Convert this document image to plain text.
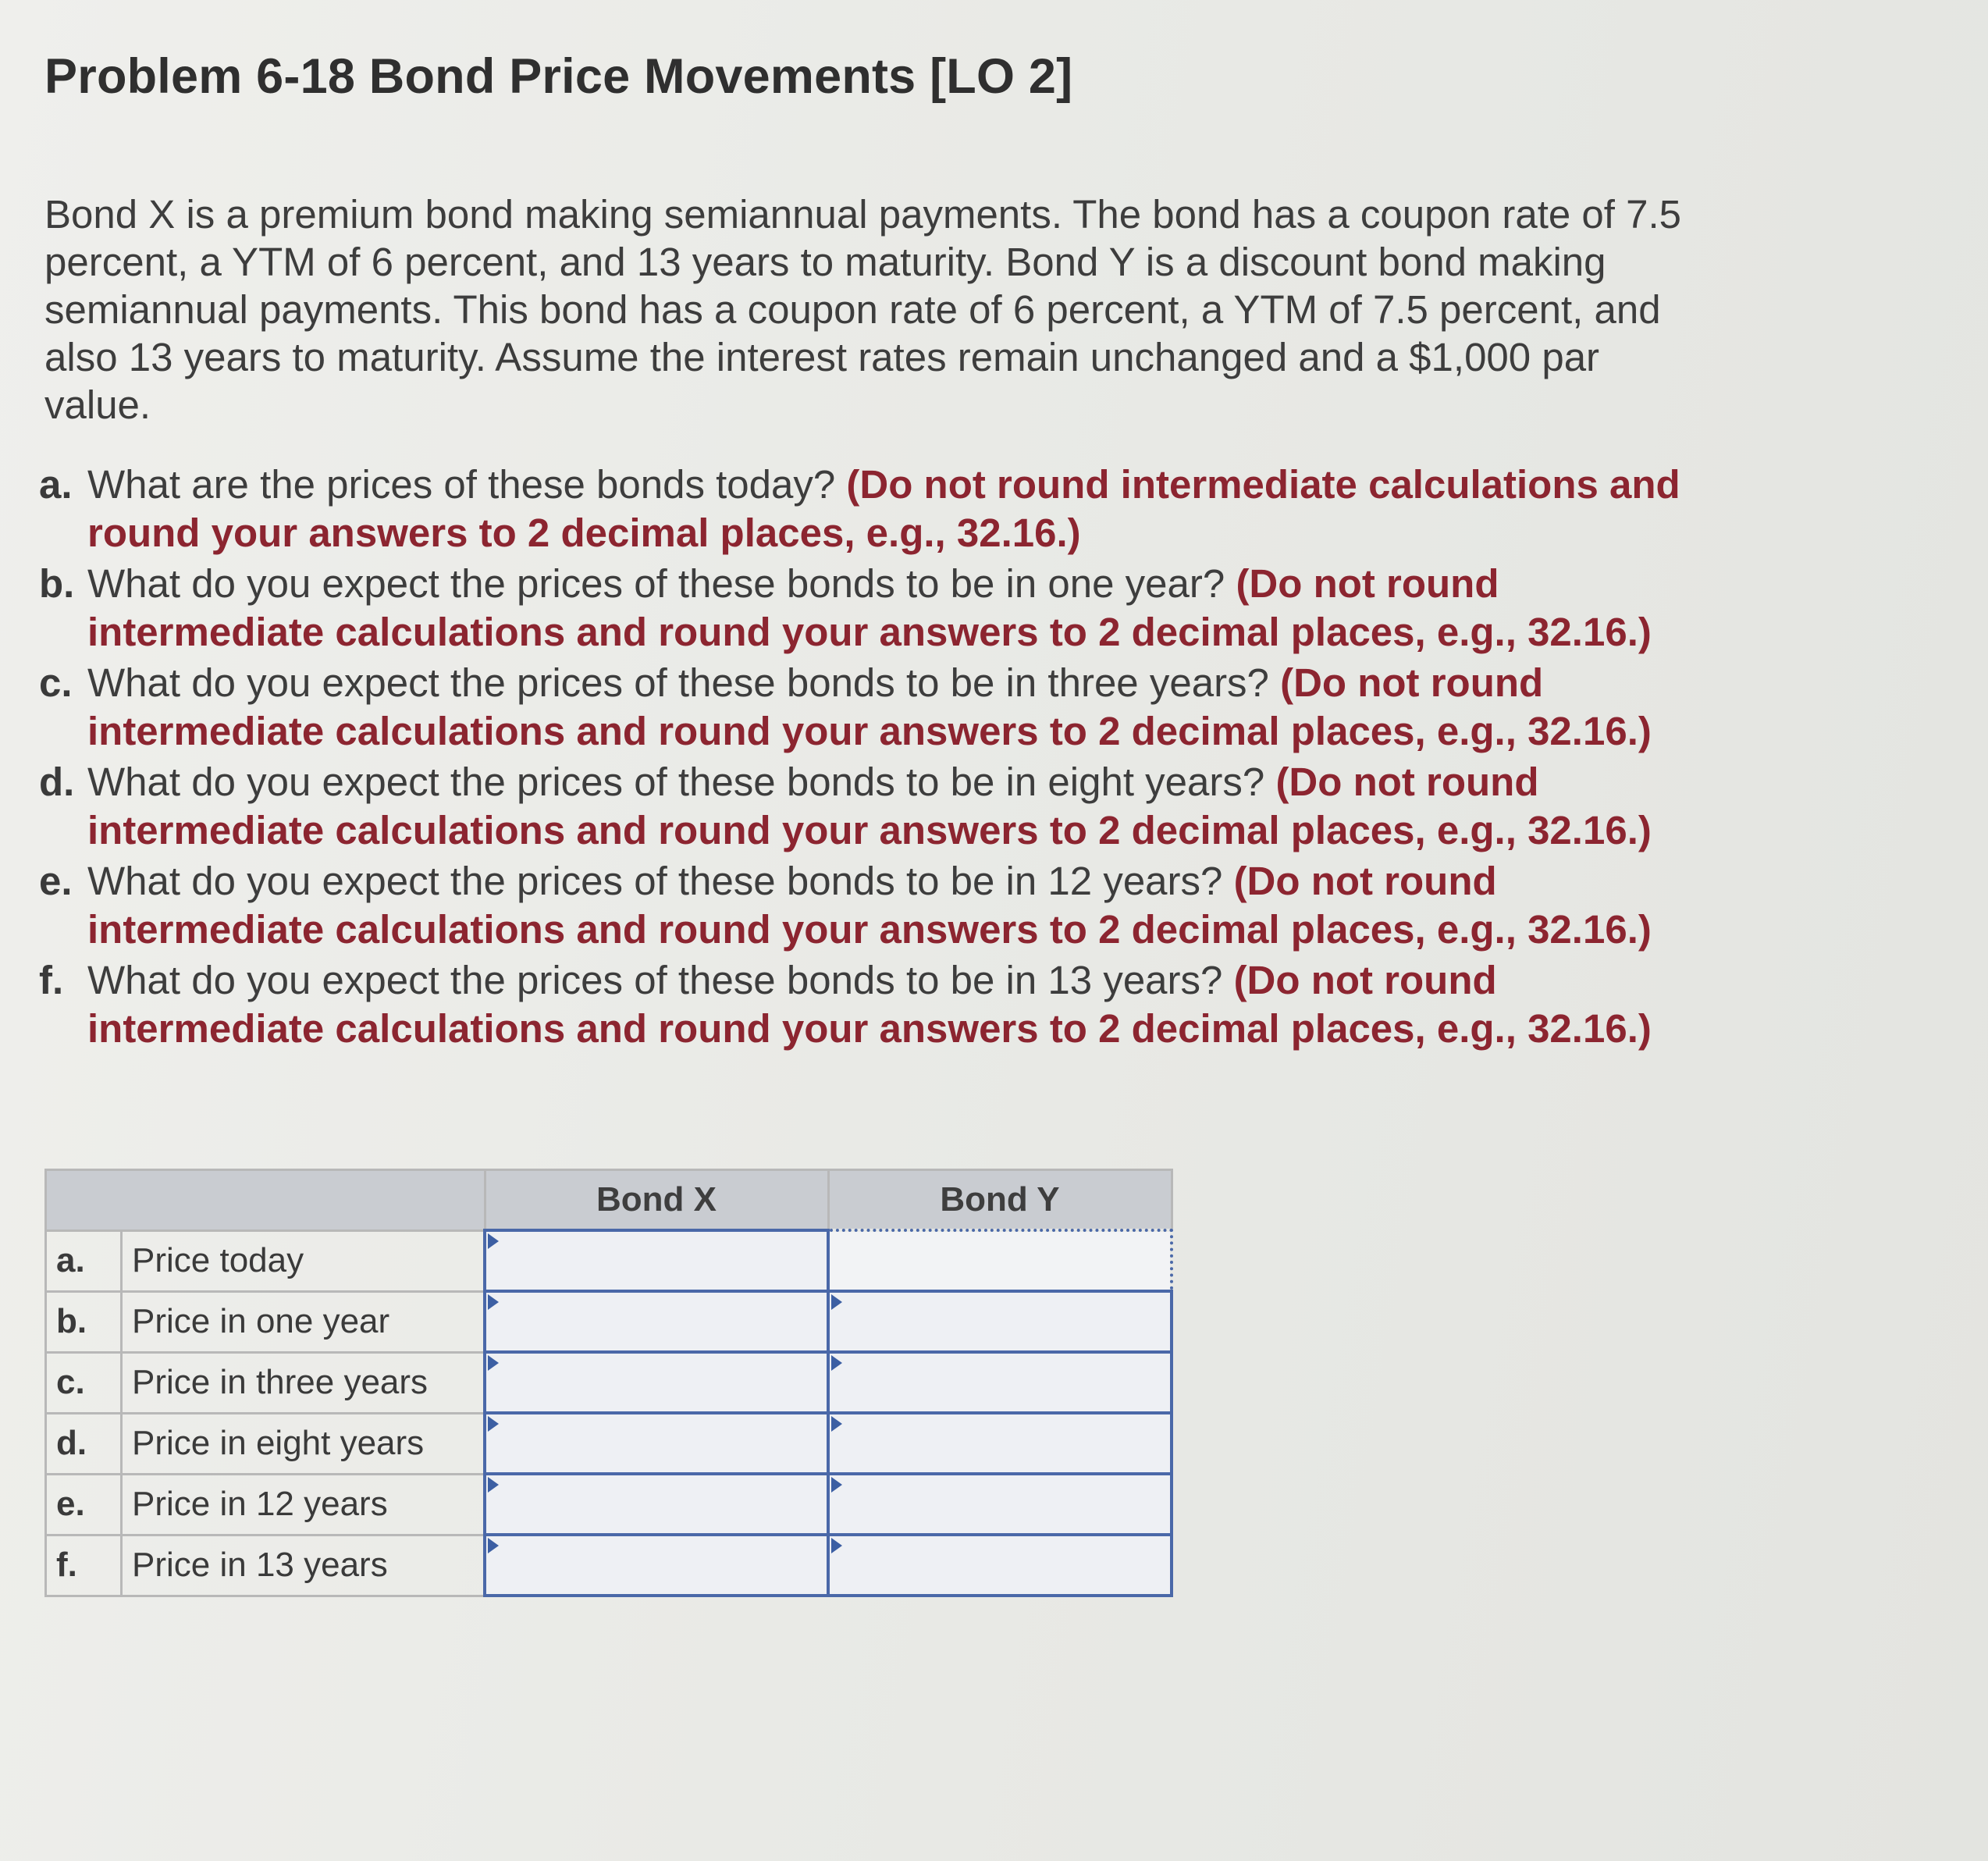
Problem 6-18 Bond Price Movements [LO 2]
Bond X is a premium bond making semiannual payments. The bond has a coupon rate of 7.5 percent, a YTM of 6 percent, and 13 years to maturity. Bond Y is a discount bond making semiannual payments. This bond has a coupon rate of 6 percent, a YTM of 7.5 percent, and also 13 years to maturity. Assume the interest rates remain unchanged and a $1,000 par value.
a. What are the prices of these bonds today? (Do not round intermediate calculations and round your answers to 2 decimal places, e.g., 32.16.)
b. What do you expect the prices of these bonds to be in one year? (Do not round intermediate calculations and round your answers to 2 decimal places, e.g., 32.16.)
c. What do you expect the prices of these bonds to be in three years? (Do not round intermediate calculations and round your answers to 2 decimal places, e.g., 32.16.)
d. What do you expect the prices of these bonds to be in eight years? (Do not round intermediate calculations and round your answers to 2 decimal places, e.g., 32.16.)
e. What do you expect the prices of these bonds to be in 12 years? (Do not round intermediate calculations and round your answers to 2 decimal places, e.g., 32.16.)
f. What do you expect the prices of these bonds to be in 13 years? (Do not round intermediate calculations and round your answers to 2 decimal places, e.g., 32.16.)
		Bond X	Bond Y
a.	Price today	

b.	Price in one year	

c.	Price in three years	

d.	Price in eight years	

e.	Price in 12 years	

f.	Price in 13 years	
